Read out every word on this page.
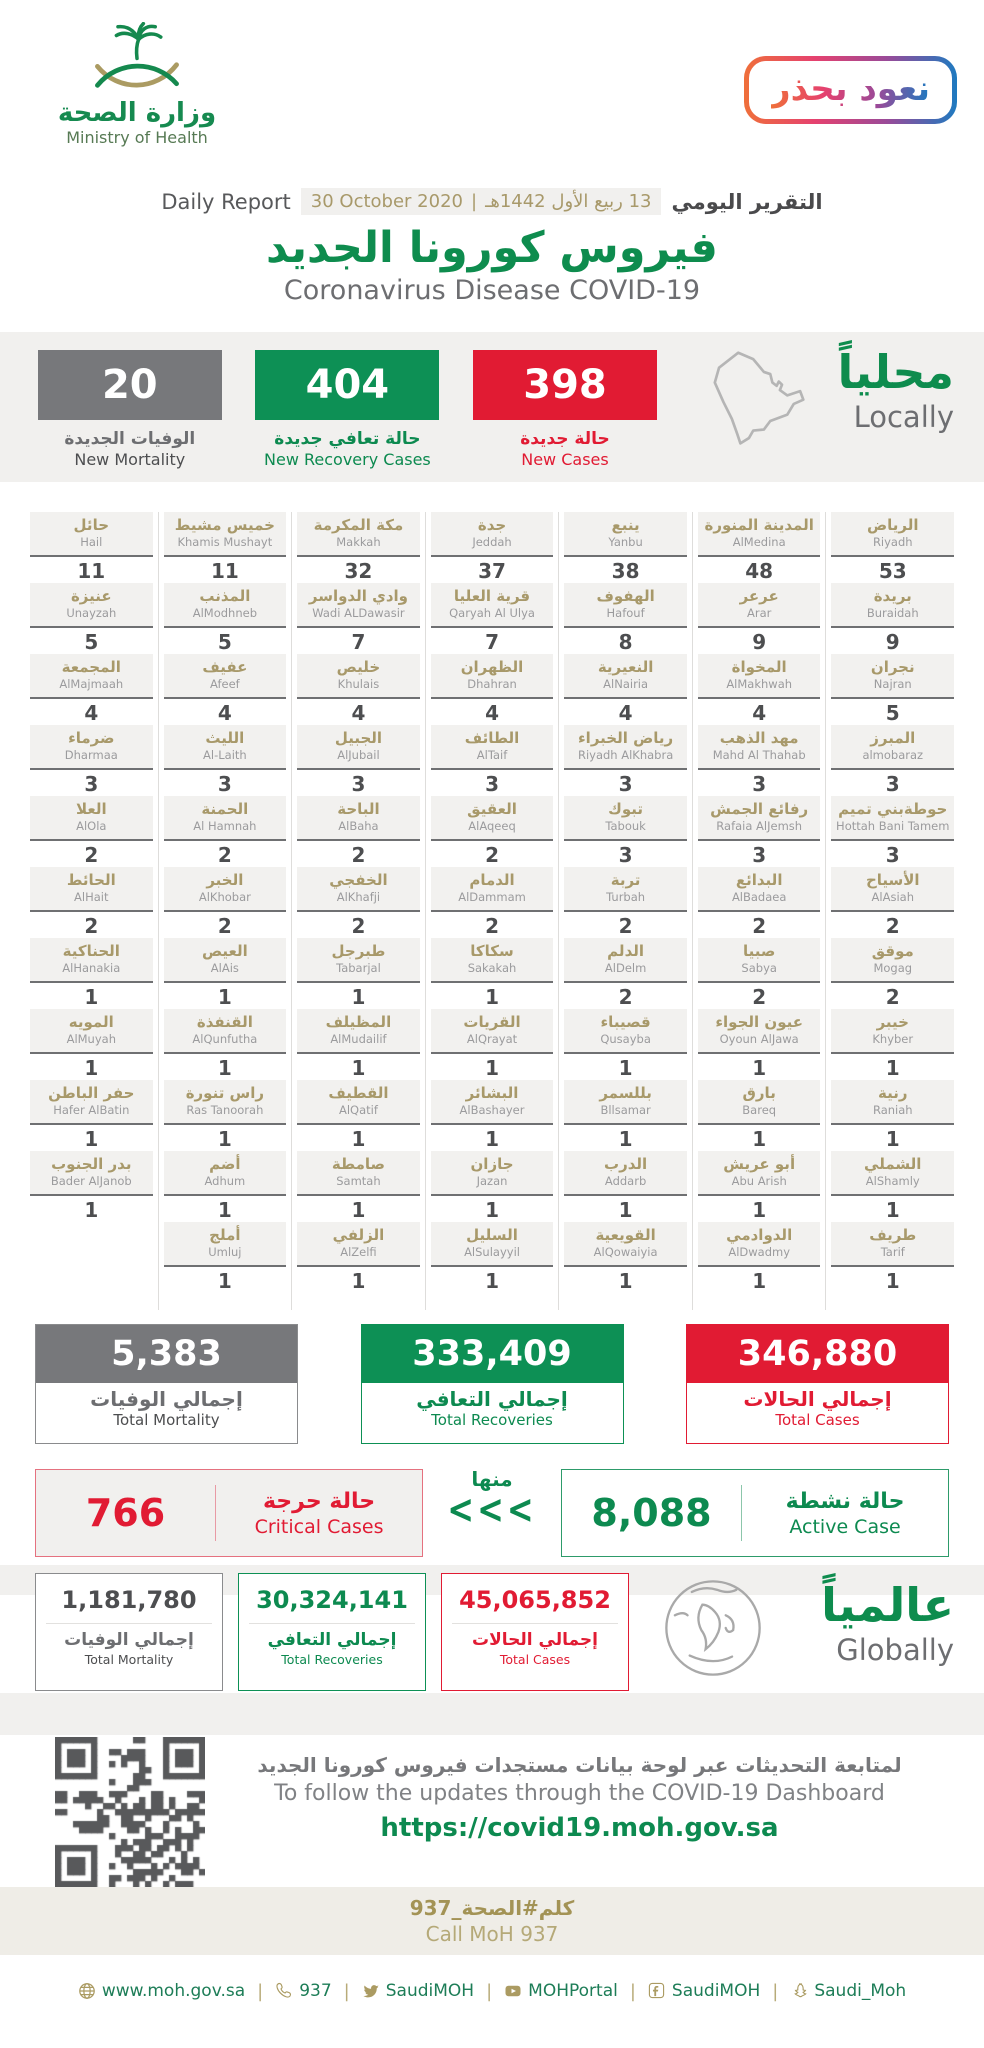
وزارة الصحة
Ministry of Health
نعود بحذر
Daily Report 30 October 2020 | 13 ربيع الأول 1442هـ التقرير اليومي
فيروس كورونا الجديد
Coronavirus Disease COVID-19
20
الوفيات الجديدة
New Mortality
404
حالة تعافي جديدة
New Recovery Cases
398
حالة جديدة
New Cases
محلياً
Locally
حائل
Hail
11
عنيزة
Unayzah
5
المجمعة
AlMajmaah
4
ضرماء
Dharmaa
3
العلا
AlOla
2
الحائط
AlHait
2
الحناكية
AlHanakia
1
المويه
AlMuyah
1
حفر الباطن
Hafer AlBatin
1
بدر الجنوب
Bader AlJanob
1
خميس مشيط
Khamis Mushayt
11
المذنب
AlModhneb
5
عفيف
Afeef
4
الليث
Al-Laith
3
الحمنة
Al Hamnah
2
الخبر
AlKhobar
2
العيص
AlAis
1
القنفذة
AlQunfutha
1
راس تنورة
Ras Tanoorah
1
أضم
Adhum
1
أملج
Umluj
1
مكة المكرمة
Makkah
32
وادي الدواسر
Wadi ALDawasir
7
خليص
Khulais
4
الجبيل
AlJubail
3
الباحة
AlBaha
2
الخفجي
AlKhafji
2
طبرجل
Tabarjal
1
المظيلف
AlMudailif
1
القطيف
AlQatif
1
صامطة
Samtah
1
الزلفي
AlZelfi
1
جدة
Jeddah
37
قرية العليا
Qaryah Al Ulya
7
الظهران
Dhahran
4
الطائف
AlTaif
3
العقيق
AlAqeeq
2
الدمام
AlDammam
2
سكاكا
Sakakah
1
القريات
AlQrayat
1
البشائر
AlBashayer
1
جازان
Jazan
1
السليل
AlSulayyil
1
ينبع
Yanbu
38
الهفوف
Hafouf
8
النعيرية
AlNairia
4
رياض الخبراء
Riyadh AlKhabra
3
تبوك
Tabouk
3
تربة
Turbah
2
الدلم
AlDelm
2
قصيباء
Qusayba
1
بللسمر
Bllsamar
1
الدرب
Addarb
1
القويعية
AlQowaiyia
1
المدينة المنورة
AlMedina
48
عرعر
Arar
9
المخواة
AlMakhwah
4
مهد الذهب
Mahd Al Thahab
3
رفائع الجمش
Rafaia AlJemsh
3
البدائع
AlBadaea
2
صبيا
Sabya
2
عيون الجواء
Oyoun AlJawa
1
بارق
Bareq
1
أبو عريش
Abu Arish
1
الدوادمي
AlDwadmy
1
الرياض
Riyadh
53
بريدة
Buraidah
9
نجران
Najran
5
المبرز
almobaraz
3
حوطةبني تميم
Hottah Bani Tamem
3
الأسياح
AlAsiah
2
موقق
Mogag
2
خيبر
Khyber
1
رنية
Raniah
1
الشملي
AlShamly
1
طريف
Tarif
1
5,383
إجمالي الوفيات
Total Mortality
333,409
إجمالي التعافي
Total Recoveries
346,880
إجمالي الحالات
Total Cases
766	حالة حرجة
Critical Cases
منها
<<<	8,088	حالة نشطة
Active Case
1,181,780
إجمالي الوفيات
Total Mortality
30,324,141
إجمالي التعافي
Total Recoveries
45,065,852
إجمالي الحالات
Total Cases
عالمياً
Globally
لمتابعة التحديثات عبر لوحة بيانات مستجدات فيروس كورونا الجديد
To follow the updates through the COVID-19 Dashboard
https://covid19.moh.gov.sa
كلم#الصحة_937
Call MoH 937
www.moh.gov.sa | 937 | SaudiMOH | MOHPortal | SaudiMOH | Saudi_Moh
